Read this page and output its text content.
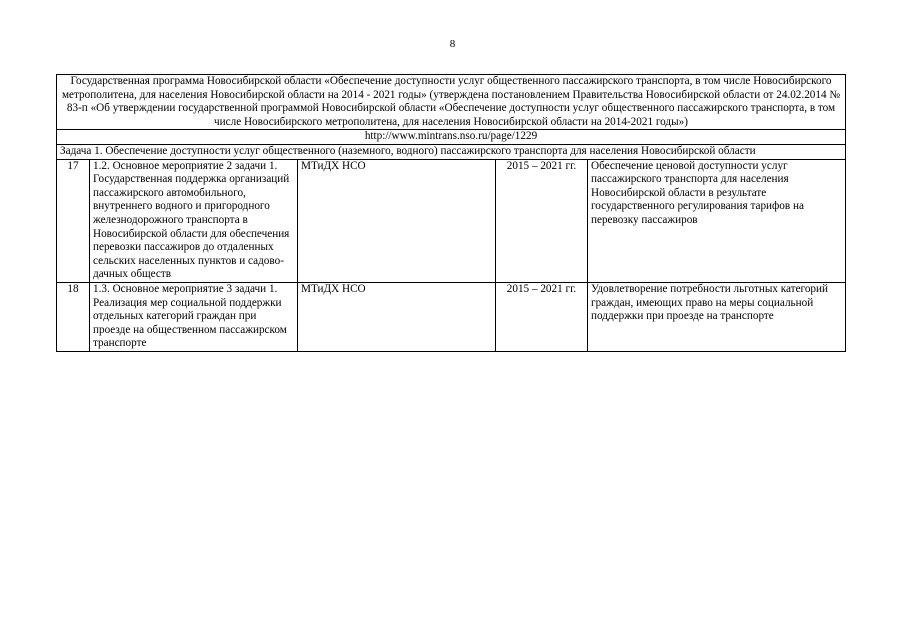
8
Государственная программа Новосибирской области «Обеспечение доступности услуг общественного пассажирского транспорта, в том числе Новосибирского метрополитена, для населения Новосибирской области на 2014 - 2021 годы» (утверждена постановлением Правительства Новосибирской области от 24.02.2014 № 83-п «Об утверждении государственной программой Новосибирской области «Обеспечение доступности услуг общественного пассажирского транспорта, в том числе Новосибирского метрополитена, для населения Новосибирской области на 2014-2021 годы»)				
http://www.mintrans.nso.ru/page/1229				
Задача 1. Обеспечение доступности услуг общественного (наземного, водного) пассажирского транспорта для населения Новосибирской области				
17	1.2. Основное мероприятие 2 задачи 1. Государственная поддержка организаций пассажирского автомобильного, внутреннего водного и пригородного железнодорожного транспорта в Новосибирской области для обеспечения перевозки пассажиров до отдаленных сельских населенных пунктов и садово-дачных обществ	МТиДХ НСО	2015 – 2021 гг.	Обеспечение ценовой доступности услуг пассажирского транспорта для населения Новосибирской области в результате государственного регулирования тарифов на перевозку пассажиров
18	1.3. Основное мероприятие 3 задачи 1. Реализация мер социальной поддержки отдельных категорий граждан при проезде на общественном пассажирском транспорте	МТиДХ НСО	2015 – 2021 гг.	Удовлетворение потребности льготных категорий граждан, имеющих право на меры социальной поддержки при проезде на транспорте
